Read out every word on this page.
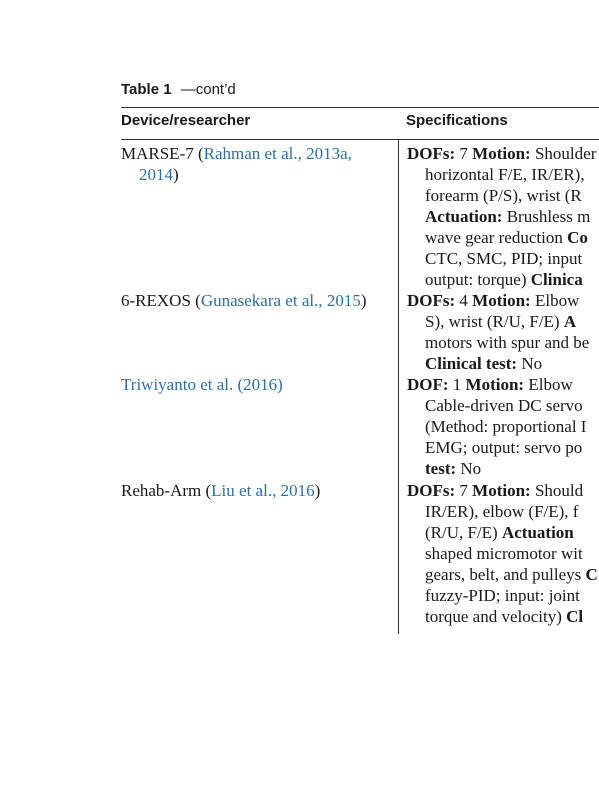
Table 1 —cont’d
Device/researcher	Specifications
MARSE-7 (Rahman et al., 2013a, 2014)
DOFs: 7 Motion: Shoulder
horizontal F/E, IR/ER),
forearm (P/S), wrist (R
Actuation: Brushless m
wave gear reduction Co
CTC, SMC, PID; input
output: torque) Clinica
6-REXOS (Gunasekara et al., 2015)	DOFs: 4 Motion: Elbow
S), wrist (R/U, F/E) A
motors with spur and be
Clinical test: No
Triwiyanto et al. (2016)	DOF: 1 Motion: Elbow
Cable-driven DC servo
(Method: proportional I
EMG; output: servo po
test: No
Rehab-Arm (Liu et al., 2016)	DOFs: 7 Motion: Should
IR/ER), elbow (F/E), f
(R/U, F/E) Actuation
shaped micromotor wit
gears, belt, and pulleys C
fuzzy-PID; input: joint
torque and velocity) Cl
